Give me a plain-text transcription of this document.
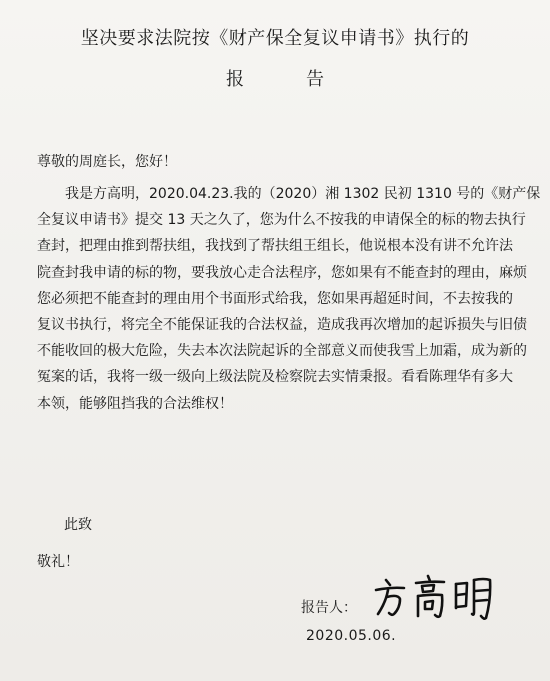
坚决要求法院按《财产保全复议申请书》执行的
报告
尊敬的周庭长，您好！
我是方高明，2020.04.23.我的（2020）湘 1302 民初 1310 号的《财产保
全复议申请书》提交 13 天之久了，您为什么不按我的申请保全的标的物去执行
查封，把理由推到帮扶组，我找到了帮扶组王组长，他说根本没有讲不允许法
院查封我申请的标的物，要我放心走合法程序，您如果有不能查封的理由，麻烦
您必须把不能查封的理由用个书面形式给我，您如果再超延时间，不去按我的
复议书执行，将完全不能保证我的合法权益，造成我再次增加的起诉损失与旧债
不能收回的极大危险，失去本次法院起诉的全部意义而使我雪上加霜，成为新的
冤案的话，我将一级一级向上级法院及检察院去实情秉报。看看陈理华有多大
本领，能够阻挡我的合法维权！
此致
敬礼！
报告人：
2020.05.06.
